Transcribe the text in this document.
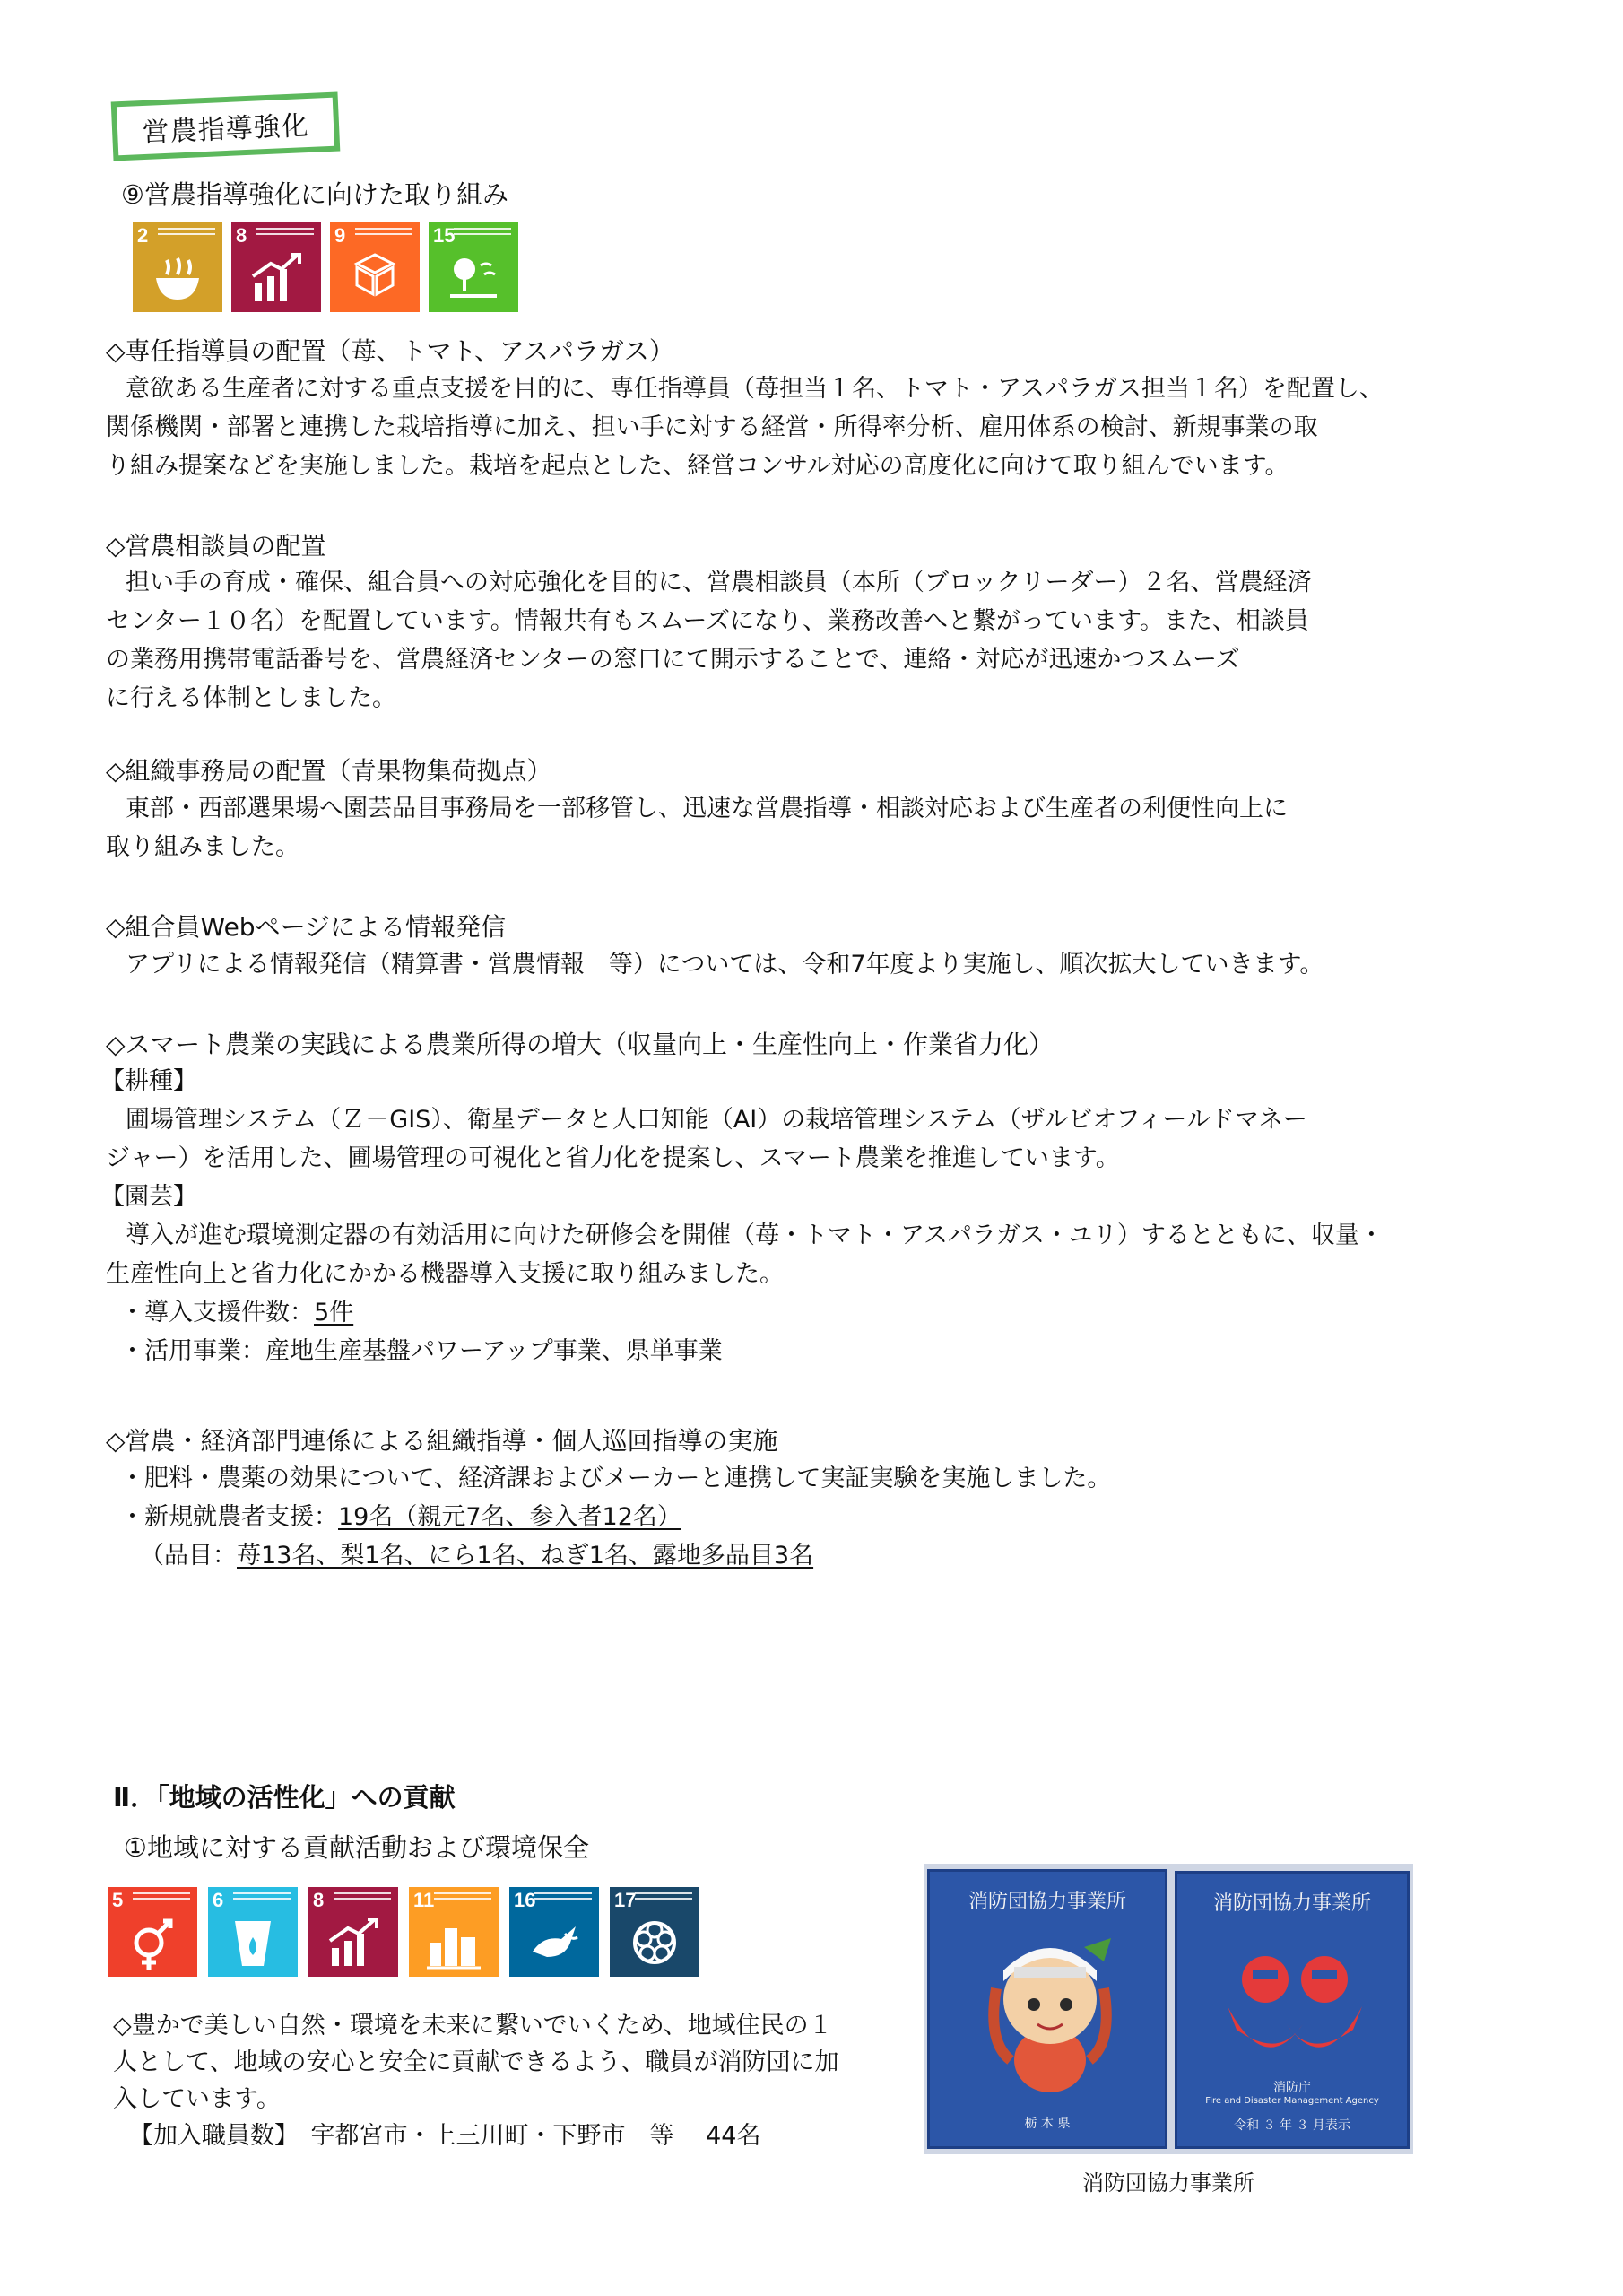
営農指導強化
⑨営農指導強化に向けた取り組み
2	8	9	15
◇専任指導員の配置（苺、トマト、アスパラガス）
意欲ある生産者に対する重点支援を目的に、専任指導員（苺担当１名、トマト・アスパラガス担当１名）を配置し、
関係機関・部署と連携した栽培指導に加え、担い手に対する経営・所得率分析、雇用体系の検討、新規事業の取
り組み提案などを実施しました。栽培を起点とした、経営コンサル対応の高度化に向けて取り組んでいます。
◇営農相談員の配置
担い手の育成・確保、組合員への対応強化を目的に、営農相談員（本所（ブロックリーダー）２名、営農経済
センター１０名）を配置しています。情報共有もスムーズになり、業務改善へと繋がっています。また、相談員
の業務用携帯電話番号を、営農経済センターの窓口にて開示することで、連絡・対応が迅速かつスムーズ
に行える体制としました。
◇組織事務局の配置（青果物集荷拠点）
東部・西部選果場へ園芸品目事務局を一部移管し、迅速な営農指導・相談対応および生産者の利便性向上に
取り組みました。
◇組合員Webページによる情報発信
アプリによる情報発信（精算書・営農情報　等）については、令和7年度より実施し、順次拡大していきます。
◇スマート農業の実践による農業所得の増大（収量向上・生産性向上・作業省力化）
【耕種】
圃場管理システム（Ｚ－GIS）、衛星データと人口知能（AI）の栽培管理システム（ザルビオフィールドマネー
ジャー）を活用した、圃場管理の可視化と省力化を提案し、スマート農業を推進しています。
【園芸】
導入が進む環境測定器の有効活用に向けた研修会を開催（苺・トマト・アスパラガス・ユリ）するとともに、収量・
生産性向上と省力化にかかる機器導入支援に取り組みました。
・導入支援件数：5件
・活用事業：産地生産基盤パワーアップ事業、県単事業
◇営農・経済部門連係による組織指導・個人巡回指導の実施
・肥料・農薬の効果について、経済課およびメーカーと連携して実証実験を実施しました。
・新規就農者支援：19名（親元7名、参入者12名）
（品目：苺13名、梨1名、にら1名、ねぎ1名、露地多品目3名
Ⅱ．「地域の活性化」への貢献
①地域に対する貢献活動および環境保全
5	6	8	11	16	17
◇豊かで美しい自然・環境を未来に繋いでいくため、地域住民の１
人として、地域の安心と安全に貢献できるよう、職員が消防団に加
入しています。
【加入職員数】　 宇都宮市・上三川町・下野市　等　 44名
消防団協力事業所
栃 木 県
消防団協力事業所
消防庁
Fire and Disaster Management Agency
令和 ３ 年 ３ 月表示
消防団協力事業所
